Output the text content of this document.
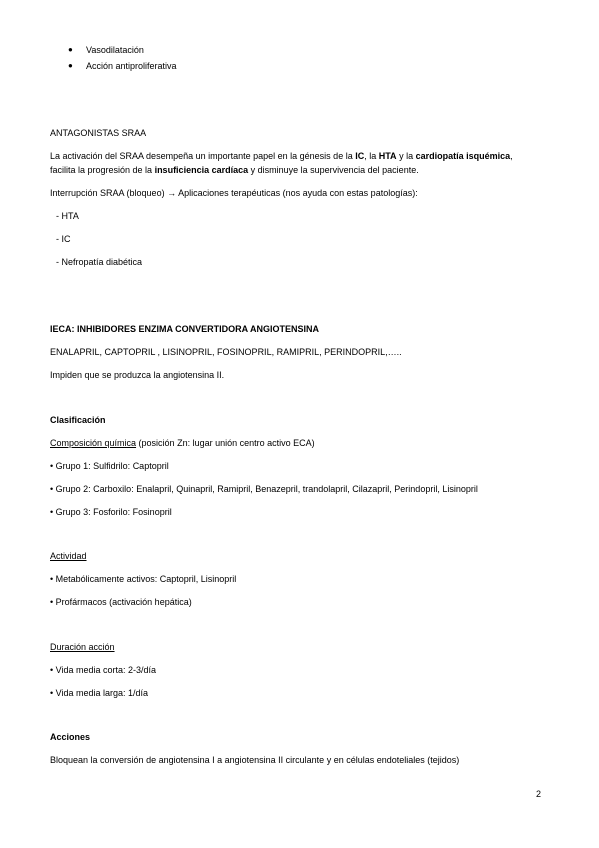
● Vasodilatación
● Acción antiproliferativa
ANTAGONISTAS SRAA
La activación del SRAA desempeña un importante papel en la génesis de la IC, la HTA y la cardiopatía isquémica,
facilita la progresión de la insuficiencia cardíaca y disminuye la supervivencia del paciente.
Interrupción SRAA (bloqueo) → Aplicaciones terapéuticas (nos ayuda con estas patologías):
- HTA
- IC
- Nefropatía diabética
IECA: INHIBIDORES ENZIMA CONVERTIDORA ANGIOTENSINA
ENALAPRIL, CAPTOPRIL , LISINOPRIL, FOSINOPRIL, RAMIPRIL, PERINDOPRIL,…..
Impiden que se produzca la angiotensina II.
Clasificación
Composición química (posición Zn: lugar unión centro activo ECA)
• Grupo 1: Sulfidrilo: Captopril
• Grupo 2: Carboxilo: Enalapril, Quinapril, Ramipril, Benazepril, trandolapril, Cilazapril, Perindopril, Lisinopril
• Grupo 3: Fosforilo: Fosinopril
Actividad
• Metabólicamente activos: Captopril, Lisinopril
• Profármacos (activación hepática)
Duración acción
• Vida media corta: 2-3/día
• Vida media larga: 1/día
Acciones
Bloquean la conversión de angiotensina I a angiotensina II circulante y en células endoteliales (tejidos)
2
